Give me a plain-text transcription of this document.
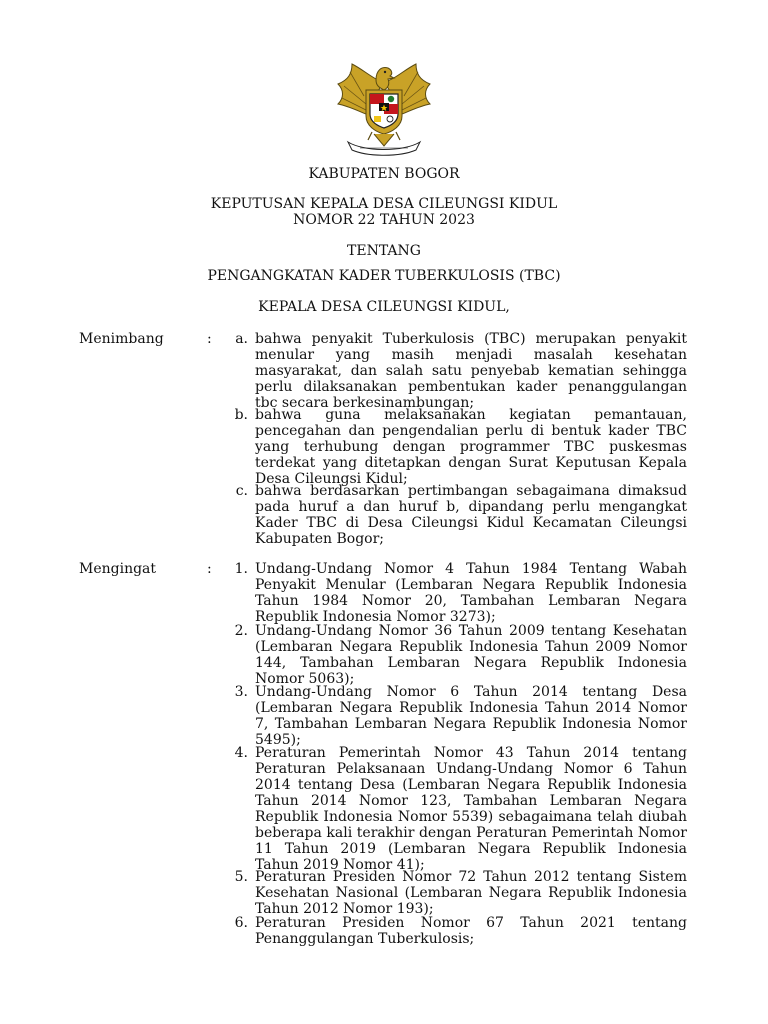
KABUPATEN BOGOR
KEPUTUSAN KEPALA DESA CILEUNGSI KIDUL
NOMOR 22 TAHUN 2023
TENTANG
PENGANGKATAN KADER TUBERKULOSIS (TBC)
KEPALA DESA CILEUNGSI KIDUL,
Menimbang	:	a. bahwa penyakit Tuberkulosis (TBC) merupakan penyakit menular yang masih menjadi masalah kesehatan masyarakat, dan salah satu penyebab kematian sehingga perlu dilaksanakan pembentukan kader penanggulangan tbc secara berkesinambungan;
b. bahwa guna melaksanakan kegiatan pemantauan, pencegahan dan pengendalian perlu di bentuk kader TBC yang terhubung dengan programmer TBC puskesmas terdekat yang ditetapkan dengan Surat Keputusan Kepala Desa Cileungsi Kidul;
c. bahwa berdasarkan pertimbangan sebagaimana dimaksud pada huruf a dan huruf b, dipandang perlu mengangkat Kader TBC di Desa Cileungsi Kidul Kecamatan Cileungsi Kabupaten Bogor;
Mengingat	:	1. Undang-Undang Nomor 4 Tahun 1984 Tentang Wabah Penyakit Menular (Lembaran Negara Republik Indonesia Tahun 1984 Nomor 20, Tambahan Lembaran Negara Republik Indonesia Nomor 3273);
2. Undang-Undang Nomor 36 Tahun 2009 tentang Kesehatan (Lembaran Negara Republik Indonesia Tahun 2009 Nomor 144, Tambahan Lembaran Negara Republik Indonesia Nomor 5063);
3. Undang-Undang Nomor 6 Tahun 2014 tentang Desa (Lembaran Negara Republik Indonesia Tahun 2014 Nomor 7, Tambahan Lembaran Negara Republik Indonesia Nomor 5495);
4. Peraturan Pemerintah Nomor 43 Tahun 2014 tentang Peraturan Pelaksanaan Undang-Undang Nomor 6 Tahun 2014 tentang Desa (Lembaran Negara Republik Indonesia Tahun 2014 Nomor 123, Tambahan Lembaran Negara Republik Indonesia Nomor 5539) sebagaimana telah diubah beberapa kali terakhir dengan Peraturan Pemerintah Nomor 11 Tahun 2019 (Lembaran Negara Republik Indonesia Tahun 2019 Nomor 41);
5. Peraturan Presiden Nomor 72 Tahun 2012 tentang Sistem Kesehatan Nasional (Lembaran Negara Republik Indonesia Tahun 2012 Nomor 193);
6. Peraturan Presiden Nomor 67 Tahun 2021 tentang Penanggulangan Tuberkulosis;
